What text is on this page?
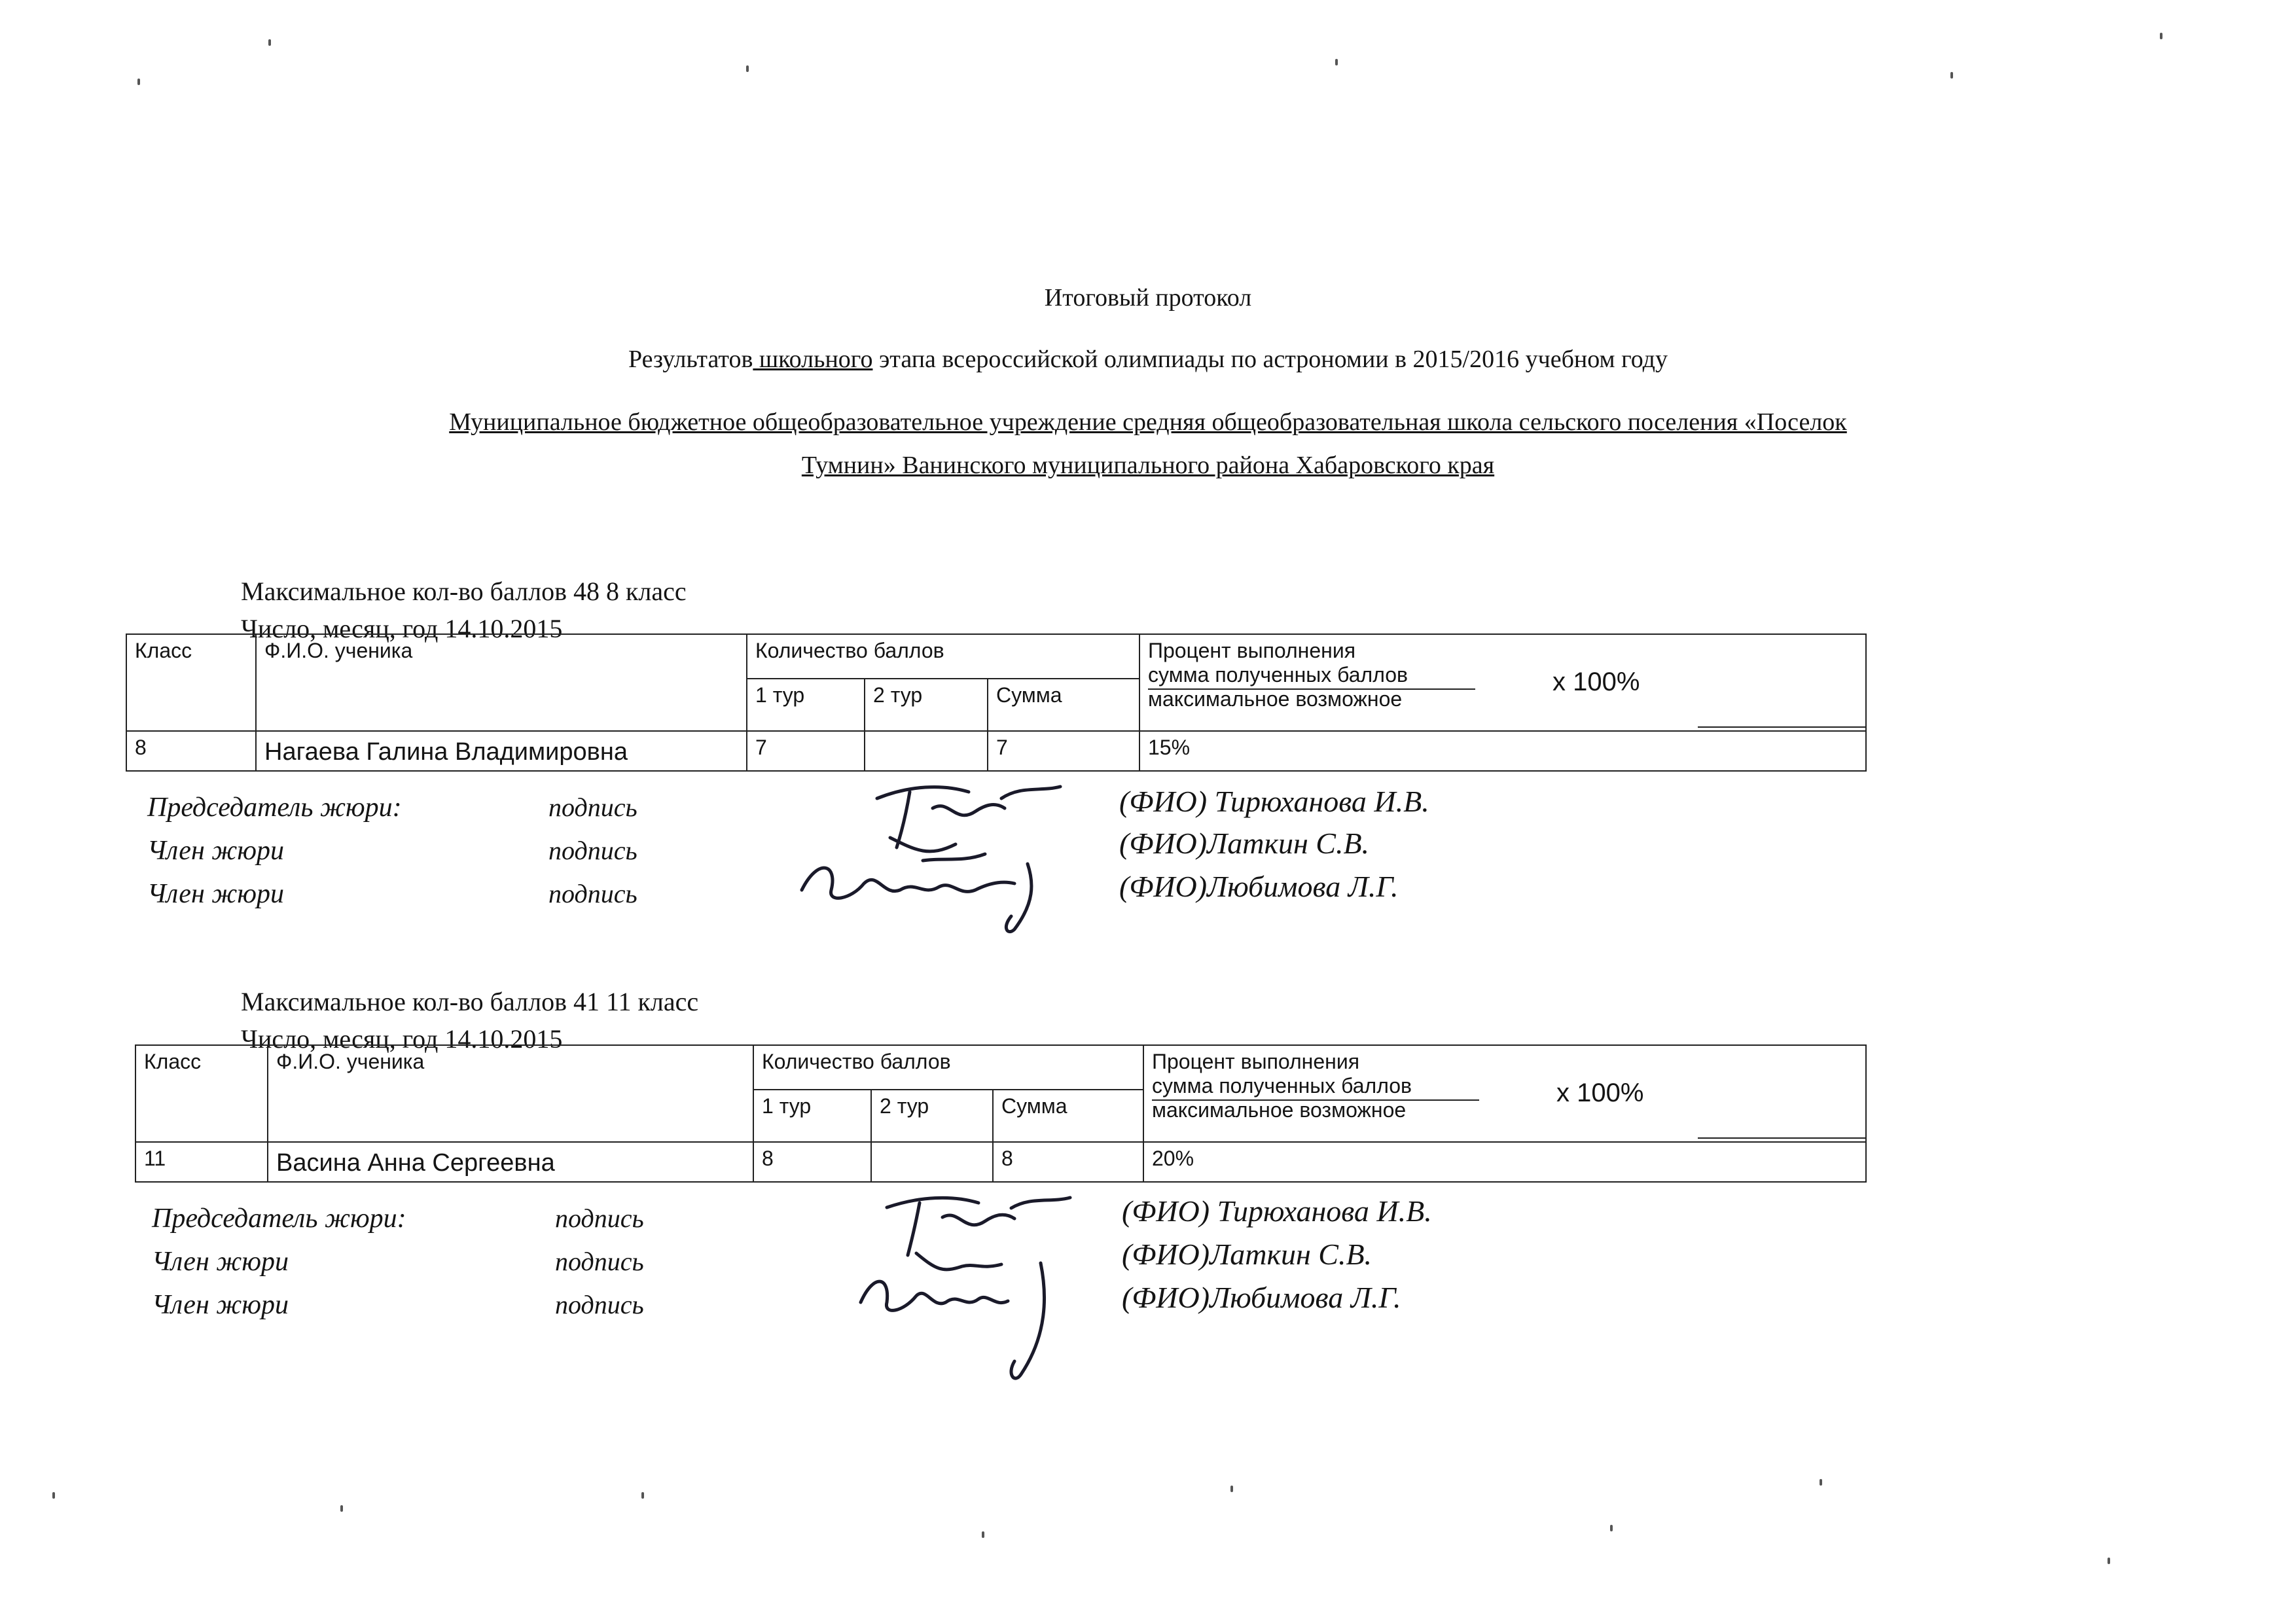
Итоговый протокол
Результатов школьного этапа всероссийской олимпиады по астрономии в 2015/2016 учебном году
Муниципальное бюджетное общеобразовательное учреждение средняя общеобразовательная школа сельского поселения «Поселок
Тумнин» Ванинского муниципального района Хабаровского края
Максимальное кол-во баллов 48 8 класс
Число, месяц, год 14.10.2015
Класс	Ф.И.О. ученика	Количество баллов			Процент выполнения
сумма полученных баллов
максимальное возможное
x 100%

		1 тур	2 тур	Сумма	
8	Нагаева Галина Владимировна	7		7	15%
Председатель жюри:	подпись	(ФИО) Тирюханова И.В.
Член жюри	подпись	(ФИО)Латкин С.В.
Член жюри	подпись	(ФИО)Любимова Л.Г.
Максимальное кол-во баллов 41 11 класс
Число, месяц, год 14.10.2015
Класс	Ф.И.О. ученика	Количество баллов			Процент выполнения
сумма полученных баллов
максимальное возможное
x 100%

		1 тур	2 тур	Сумма	
11	Васина Анна Сергеевна	8		8	20%
Председатель жюри:	подпись	(ФИО) Тирюханова И.В.
Член жюри	подпись	(ФИО)Латкин С.В.
Член жюри	подпись	(ФИО)Любимова Л.Г.
